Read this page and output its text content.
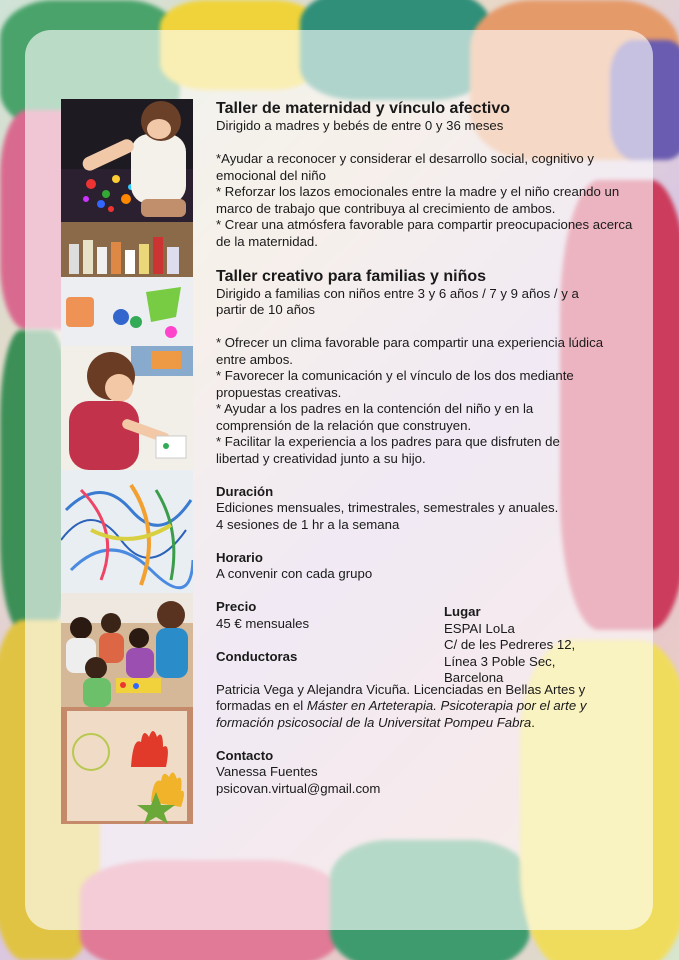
Taller de maternidad y vínculo afectivo

Dirigido a madres y bebés de entre 0 y 36 meses

*Ayudar a reconocer y considerar el desarrollo social, cognitivo y emocional del niño

* Reforzar los lazos emocionales entre la madre y el niño creando un marco de trabajo que contribuya al crecimiento de ambos.

* Crear una atmósfera favorable para compartir preocupaciones acerca de la maternidad.

Taller creativo para familias y niños

Dirigido a familias con niños entre 3 y 6 años / 7 y 9 años / y a partir de 10 años

* Ofrecer un clima favorable para compartir una experiencia lúdica entre ambos.

* Favorecer la comunicación y el vínculo de los dos mediante propuestas creativas.

* Ayudar a los padres en la contención del niño y en la comprensión de la relación que construyen.

* Facilitar la experiencia a los padres para que disfruten de libertad y creatividad junto a su hijo.

Duración

Ediciones mensuales, trimestrales, semestrales y anuales.

4 sesiones de 1 hr a la semana

Horario

A convenir con cada grupo

Precio

45 € mensuales

Conductoras

Patricia Vega y Alejandra Vicuña. Licenciadas en Bellas Artes y formadas en el Máster en Arteterapia. Psicoterapia por el arte y formación psicosocial de la Universitat Pompeu Fabra.

Contacto

Vanessa Fuentes

psicovan.virtual@gmail.com

Lugar

ESPAI LoLa

C/ de les Pedreres 12,

Línea 3 Poble Sec,

Barcelona
